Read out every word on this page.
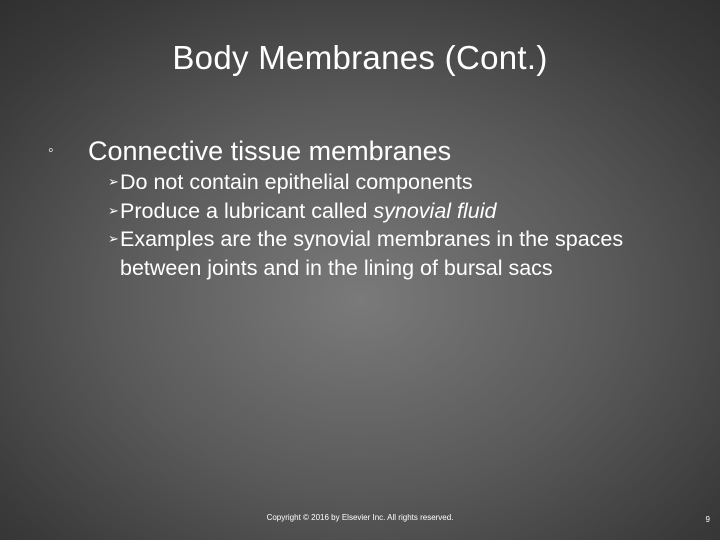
Body Membranes (Cont.)
◦	Connective tissue membranes
➢ Do not contain epithelial components
➢ Produce a lubricant called synovial fluid
➢ Examples are the synovial membranes in the spaces between joints and in the lining of bursal sacs
Copyright © 2016 by Elsevier Inc. All rights reserved.	9
